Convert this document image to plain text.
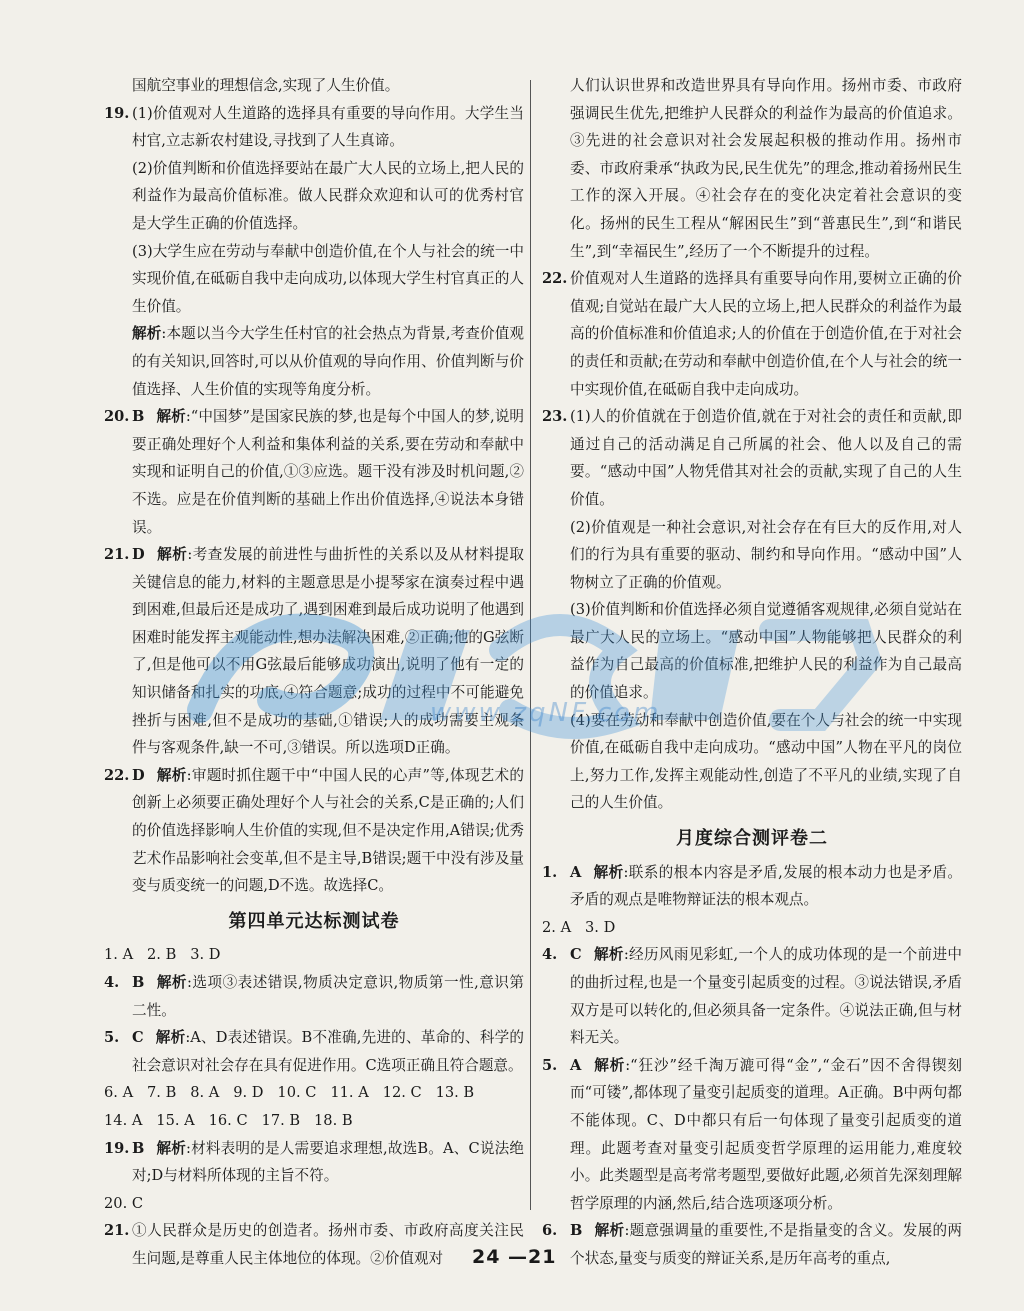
国航空事业的理想信念,实现了人生价值。
19. (1)价值观对人生道路的选择具有重要的导向作用。大学生当村官,立志新农村建设,寻找到了人生真谛。
(2)价值判断和价值选择要站在最广大人民的立场上,把人民的利益作为最高价值标准。做人民群众欢迎和认可的优秀村官是大学生正确的价值选择。
(3)大学生应在劳动与奉献中创造价值,在个人与社会的统一中实现价值,在砥砺自我中走向成功,以体现大学生村官真正的人生价值。
解析:本题以当今大学生任村官的社会热点为背景,考查价值观的有关知识,回答时,可以从价值观的导向作用、价值判断与价值选择、人生价值的实现等角度分析。
20. B 解析:“中国梦”是国家民族的梦,也是每个中国人的梦,说明要正确处理好个人利益和集体利益的关系,要在劳动和奉献中实现和证明自己的价值,①③应选。题干没有涉及时机问题,②不选。应是在价值判断的基础上作出价值选择,④说法本身错误。
21. D 解析:考查发展的前进性与曲折性的关系以及从材料提取关键信息的能力,材料的主题意思是小提琴家在演奏过程中遇到困难,但最后还是成功了,遇到困难到最后成功说明了他遇到困难时能发挥主观能动性,想办法解决困难,②正确;他的G弦断了,但是他可以不用G弦最后能够成功演出,说明了他有一定的知识储备和扎实的功底,④符合题意;成功的过程中不可能避免挫折与困难,但不是成功的基础,①错误;人的成功需要主观条件与客观条件,缺一不可,③错误。所以选项D正确。
22. D 解析:审题时抓住题干中“中国人民的心声”等,体现艺术的创新上必须要正确处理好个人与社会的关系,C是正确的;人们的价值选择影响人生价值的实现,但不是决定作用,A错误;优秀艺术作品影响社会变革,但不是主导,B错误;题干中没有涉及量变与质变统一的问题,D不选。故选择C。
第四单元达标测试卷
1. A   2. B   3. D
4. B 解析:选项③表述错误,物质决定意识,物质第一性,意识第二性。
5. C 解析:A、D表述错误。B不准确,先进的、革命的、科学的社会意识对社会存在具有促进作用。C选项正确且符合题意。
6. A   7. B   8. A   9. D   10. C   11. A   12. C   13. B
14. A   15. A   16. C   17. B   18. B
19. B 解析:材料表明的是人需要追求理想,故选B。A、C说法绝对;D与材料所体现的主旨不符。
20. C
21. ①人民群众是历史的创造者。扬州市委、市政府高度关注民生问题,是尊重人民主体地位的体现。②价值观对
人们认识世界和改造世界具有导向作用。扬州市委、市政府强调民生优先,把维护人民群众的利益作为最高的价值追求。③先进的社会意识对社会发展起积极的推动作用。扬州市委、市政府秉承“执政为民,民生优先”的理念,推动着扬州民生工作的深入开展。④社会存在的变化决定着社会意识的变化。扬州的民生工程从“解困民生”到“普惠民生”,到“和谐民生”,到“幸福民生”,经历了一个不断提升的过程。
22. 价值观对人生道路的选择具有重要导向作用,要树立正确的价值观;自觉站在最广大人民的立场上,把人民群众的利益作为最高的价值标准和价值追求;人的价值在于创造价值,在于对社会的责任和贡献;在劳动和奉献中创造价值,在个人与社会的统一中实现价值,在砥砺自我中走向成功。
23. (1)人的价值就在于创造价值,就在于对社会的责任和贡献,即通过自己的活动满足自己所属的社会、他人以及自己的需要。“感动中国”人物凭借其对社会的贡献,实现了自己的人生价值。
(2)价值观是一种社会意识,对社会存在有巨大的反作用,对人们的行为具有重要的驱动、制约和导向作用。“感动中国”人物树立了正确的价值观。
(3)价值判断和价值选择必须自觉遵循客观规律,必须自觉站在最广大人民的立场上。“感动中国”人物能够把人民群众的利益作为自己最高的价值标准,把维护人民的利益作为自己最高的价值追求。
(4)要在劳动和奉献中创造价值,要在个人与社会的统一中实现价值,在砥砺自我中走向成功。“感动中国”人物在平凡的岗位上,努力工作,发挥主观能动性,创造了不平凡的业绩,实现了自己的人生价值。
月度综合测评卷二
1. A 解析:联系的根本内容是矛盾,发展的根本动力也是矛盾。矛盾的观点是唯物辩证法的根本观点。
2. A   3. D
4. C 解析:经历风雨见彩虹,一个人的成功体现的是一个前进中的曲折过程,也是一个量变引起质变的过程。③说法错误,矛盾双方是可以转化的,但必须具备一定条件。④说法正确,但与材料无关。
5. A 解析:“狂沙”经千淘万漉可得“金”,“金石”因不舍得锲刻而“可镂”,都体现了量变引起质变的道理。A正确。B中两句都不能体现。C、D中都只有后一句体现了量变引起质变的道理。此题考查对量变引起质变哲学原理的运用能力,难度较小。此类题型是高考常考题型,要做好此题,必须首先深刻理解哲学原理的内涵,然后,结合选项逐项分析。
6. B 解析:题意强调量的重要性,不是指量变的含义。发展的两个状态,量变与质变的辩证关系,是历年高考的重点,
www.zqNF.com
24 —21
